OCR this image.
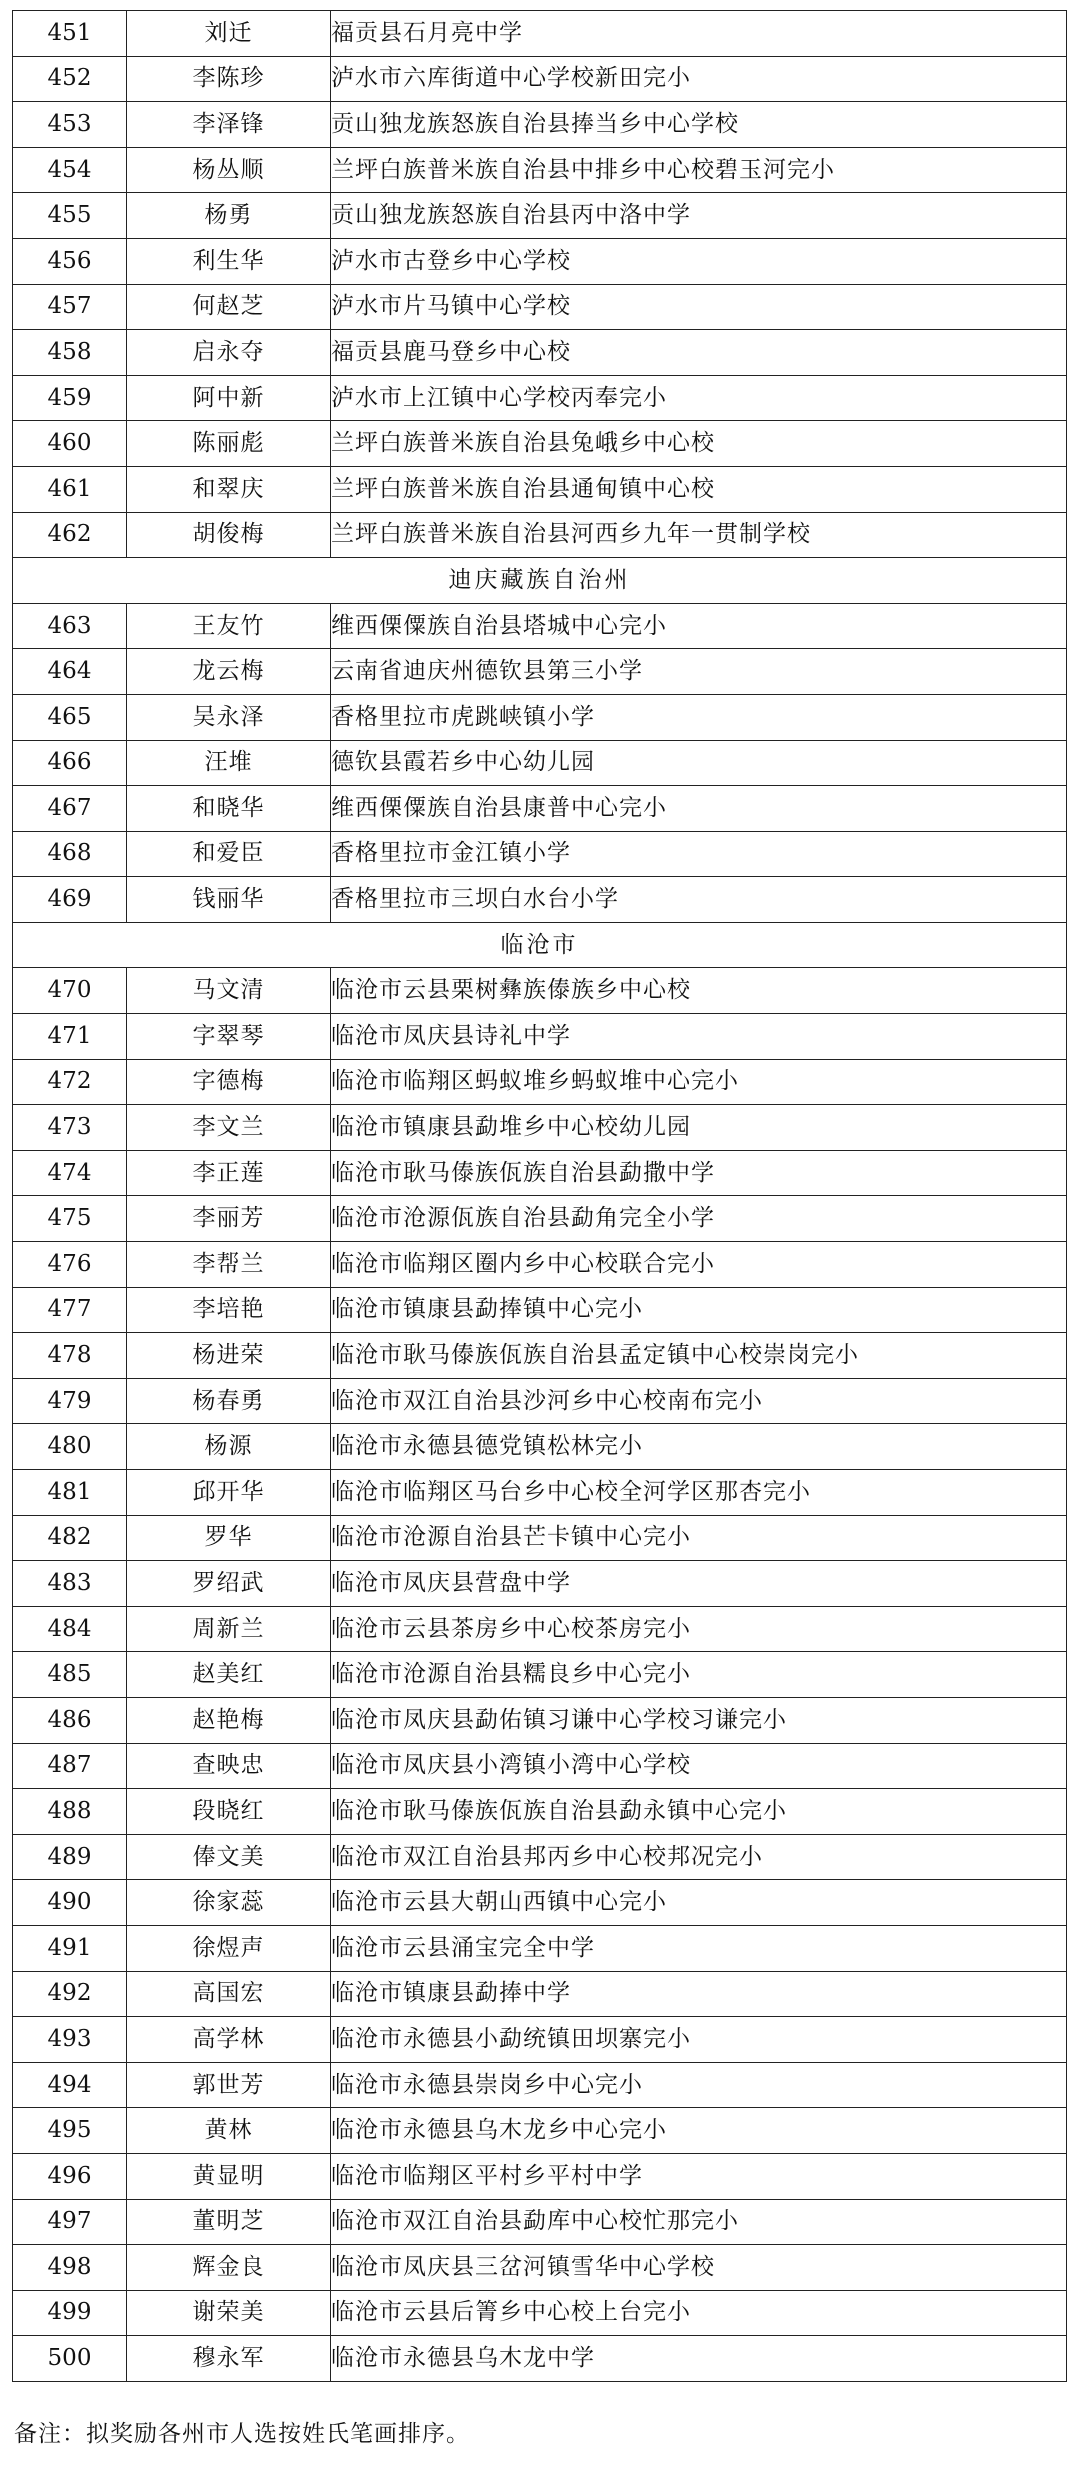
451	刘迁	福贡县石月亮中学
452	李陈珍	泸水市六库街道中心学校新田完小
453	李泽锋	贡山独龙族怒族自治县捧当乡中心学校
454	杨丛顺	兰坪白族普米族自治县中排乡中心校碧玉河完小
455	杨勇	贡山独龙族怒族自治县丙中洛中学
456	利生华	泸水市古登乡中心学校
457	何赵芝	泸水市片马镇中心学校
458	启永夺	福贡县鹿马登乡中心校
459	阿中新	泸水市上江镇中心学校丙奉完小
460	陈丽彪	兰坪白族普米族自治县兔峨乡中心校
461	和翠庆	兰坪白族普米族自治县通甸镇中心校
462	胡俊梅	兰坪白族普米族自治县河西乡九年一贯制学校
迪庆藏族自治州		
463	王友竹	维西傈僳族自治县塔城中心完小
464	龙云梅	云南省迪庆州德钦县第三小学
465	吴永泽	香格里拉市虎跳峡镇小学
466	汪堆	德钦县霞若乡中心幼儿园
467	和晓华	维西傈僳族自治县康普中心完小
468	和爱臣	香格里拉市金江镇小学
469	钱丽华	香格里拉市三坝白水台小学
临沧市		
470	马文清	临沧市云县栗树彝族傣族乡中心校
471	字翠琴	临沧市凤庆县诗礼中学
472	字德梅	临沧市临翔区蚂蚁堆乡蚂蚁堆中心完小
473	李文兰	临沧市镇康县勐堆乡中心校幼儿园
474	李正莲	临沧市耿马傣族佤族自治县勐撒中学
475	李丽芳	临沧市沧源佤族自治县勐角完全小学
476	李帮兰	临沧市临翔区圈内乡中心校联合完小
477	李培艳	临沧市镇康县勐捧镇中心完小
478	杨进荣	临沧市耿马傣族佤族自治县孟定镇中心校崇岗完小
479	杨春勇	临沧市双江自治县沙河乡中心校南布完小
480	杨源	临沧市永德县德党镇松林完小
481	邱开华	临沧市临翔区马台乡中心校全河学区那杏完小
482	罗华	临沧市沧源自治县芒卡镇中心完小
483	罗绍武	临沧市凤庆县营盘中学
484	周新兰	临沧市云县茶房乡中心校茶房完小
485	赵美红	临沧市沧源自治县糯良乡中心完小
486	赵艳梅	临沧市凤庆县勐佑镇习谦中心学校习谦完小
487	查映忠	临沧市凤庆县小湾镇小湾中心学校
488	段晓红	临沧市耿马傣族佤族自治县勐永镇中心完小
489	俸文美	临沧市双江自治县邦丙乡中心校邦况完小
490	徐家蕊	临沧市云县大朝山西镇中心完小
491	徐煜声	临沧市云县涌宝完全中学
492	高国宏	临沧市镇康县勐捧中学
493	高学林	临沧市永德县小勐统镇田坝寨完小
494	郭世芳	临沧市永德县崇岗乡中心完小
495	黄林	临沧市永德县乌木龙乡中心完小
496	黄显明	临沧市临翔区平村乡平村中学
497	董明芝	临沧市双江自治县勐库中心校忙那完小
498	辉金良	临沧市凤庆县三岔河镇雪华中心学校
499	谢荣美	临沧市云县后箐乡中心校上台完小
500	穆永军	临沧市永德县乌木龙中学
备注：拟奖励各州市人选按姓氏笔画排序。
